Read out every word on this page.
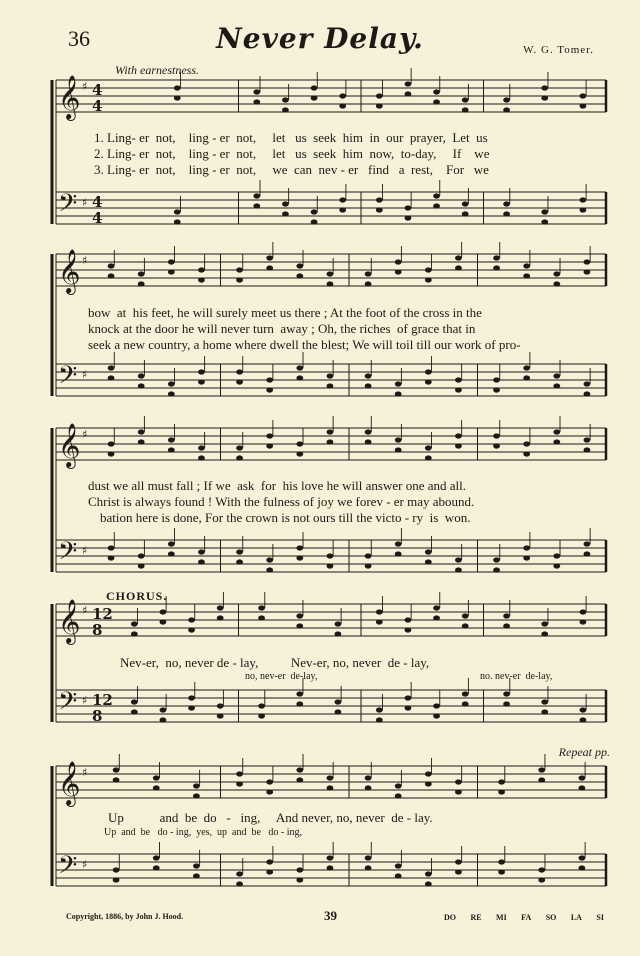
36	Never Delay.	W. G. Tomer.
With earnestness.
𝄞
𝄢
♯
♯
4
4
4
4
𝄞
𝄢
♯
♯
𝄞
𝄢
♯
♯
𝄞
𝄢
♯
♯
12
8
12
8
𝄞
𝄢
♯
♯
1. Ling- er  not,    ling - er  not,     let   us  seek  him  in  our  prayer,  Let  us
2. Ling- er  not,    ling - er  not,     let   us  seek  him  now,  to-day,     If    we
3. Ling- er  not,    ling - er  not,     we  can  nev - er   find   a  rest,    For   we
bow  at  his feet, he will surely meet us there ; At the foot of the cross in the
knock at the door he will never turn  away ; Oh, the riches  of grace that in
seek a new country, a home where dwell the blest; We will toil till our work of pro-
dust we all must fall ; If we  ask  for  his love he will answer one and all.
Christ is always found ! With the fulness of joy we forev - er may abound.
bation here is done, For the crown is not ours till the victo - ry  is  won.
CHORUS.
Nev-er,  no, never de - lay,          Nev-er, no, never  de - lay,
no, nev-er  de-lay,	no. nev-er  de-lay,
Repeat pp.
Up           and  be  do   -   ing,     And never, no, never  de - lay.
Up  and  be   do - ing,  yes,  up  and  be   do - ing,
Copyright, 1886, by John J. Hood.	39	DO RE MI FA SO LA SI
